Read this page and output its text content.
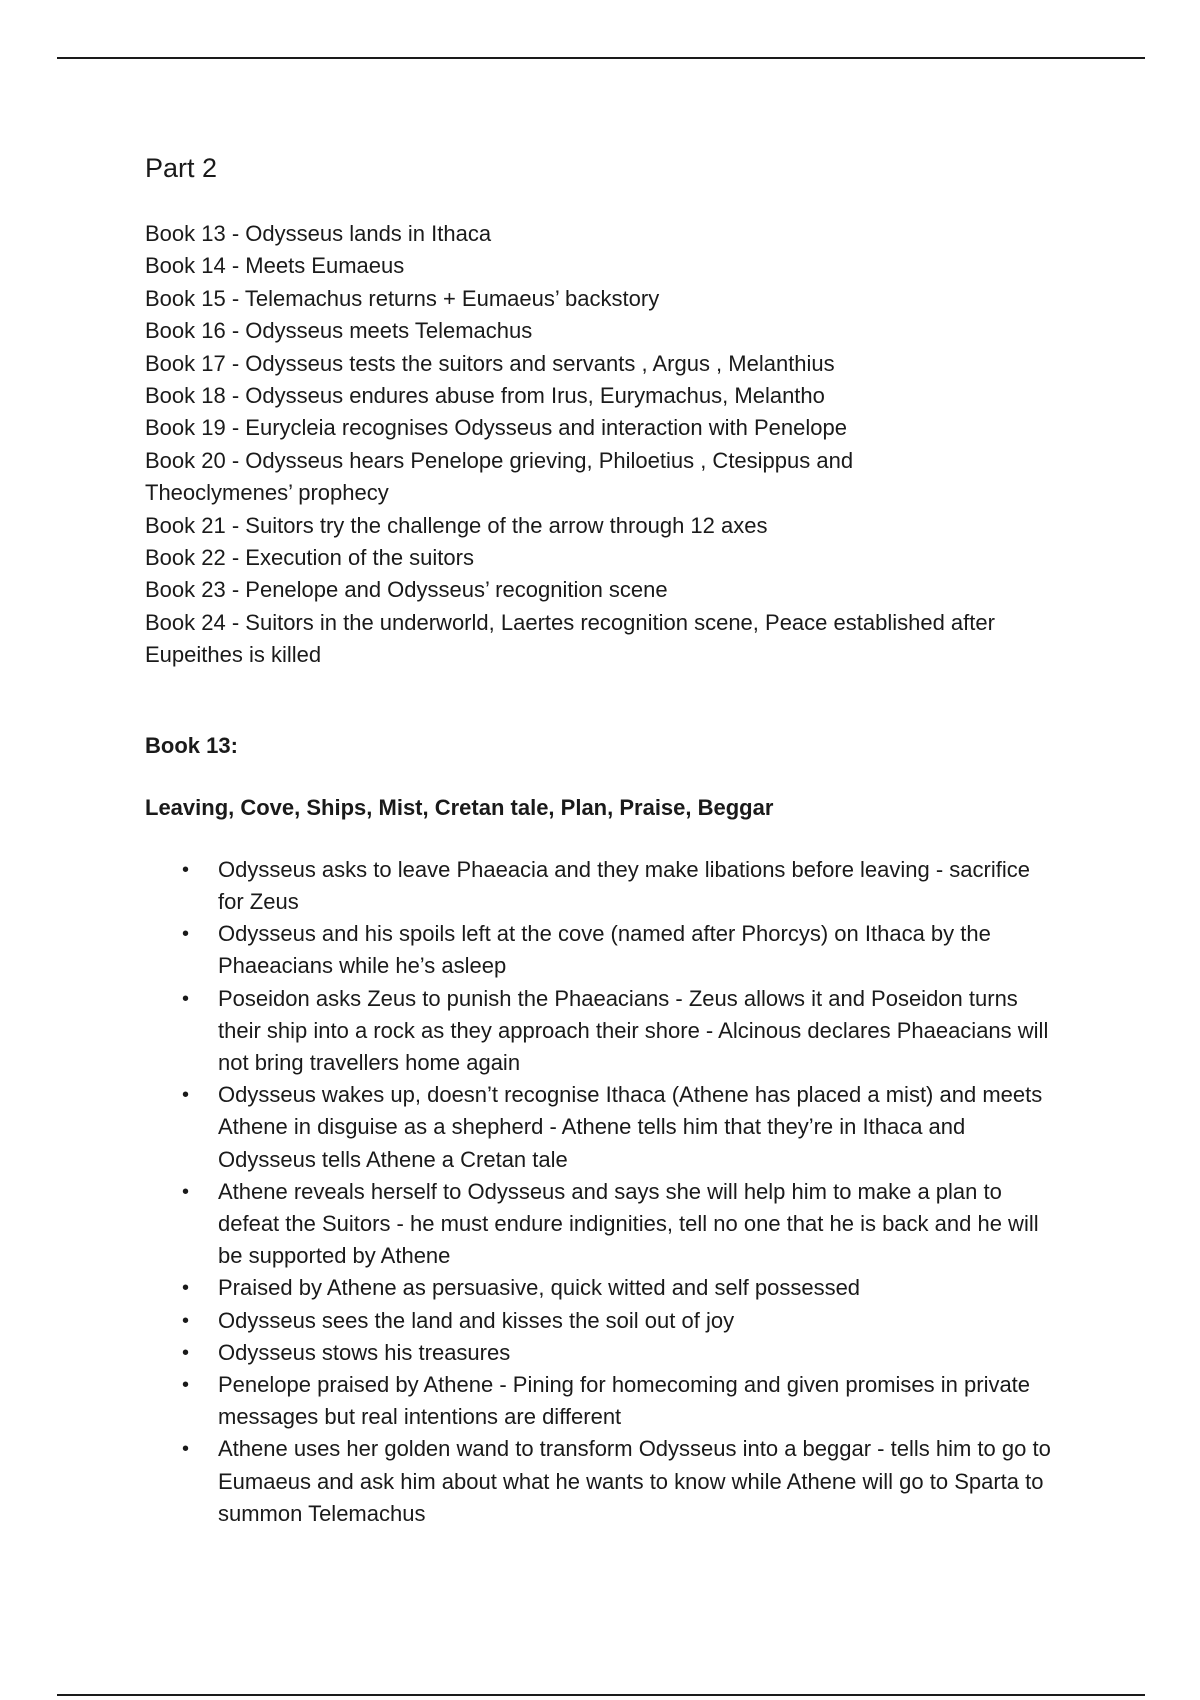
Part 2
Book 13 - Odysseus lands in Ithaca
Book 14 - Meets Eumaeus
Book 15 - Telemachus returns + Eumaeus’ backstory
Book 16 - Odysseus meets Telemachus
Book 17 - Odysseus tests the suitors and servants , Argus , Melanthius
Book 18 - Odysseus endures abuse from Irus, Eurymachus, Melantho
Book 19 - Eurycleia recognises Odysseus and interaction with Penelope
Book 20 - Odysseus hears Penelope grieving, Philoetius , Ctesippus and Theoclymenes’ prophecy
Book 21 - Suitors try the challenge of the arrow through 12 axes
Book 22 - Execution of the suitors
Book 23 - Penelope and Odysseus’ recognition scene
Book 24 - Suitors in the underworld, Laertes recognition scene, Peace established after Eupeithes is killed
Book 13:
Leaving, Cove, Ships, Mist, Cretan tale, Plan, Praise, Beggar
• Odysseus asks to leave Phaeacia and they make libations before leaving - sacrifice for Zeus
• Odysseus and his spoils left at the cove (named after Phorcys) on Ithaca by the Phaeacians while he’s asleep
• Poseidon asks Zeus to punish the Phaeacians - Zeus allows it and Poseidon turns their ship into a rock as they approach their shore - Alcinous declares Phaeacians will not bring travellers home again
• Odysseus wakes up, doesn’t recognise Ithaca (Athene has placed a mist) and meets Athene in disguise as a shepherd - Athene tells him that they’re in Ithaca and Odysseus tells Athene a Cretan tale
• Athene reveals herself to Odysseus and says she will help him to make a plan to defeat the Suitors - he must endure indignities, tell no one that he is back and he will be supported by Athene
• Praised by Athene as persuasive, quick witted and self possessed
• Odysseus sees the land and kisses the soil out of joy
• Odysseus stows his treasures
• Penelope praised by Athene - Pining for homecoming and given promises in private messages but real intentions are different
• Athene uses her golden wand to transform Odysseus into a beggar - tells him to go to Eumaeus and ask him about what he wants to know while Athene will go to Sparta to summon Telemachus
